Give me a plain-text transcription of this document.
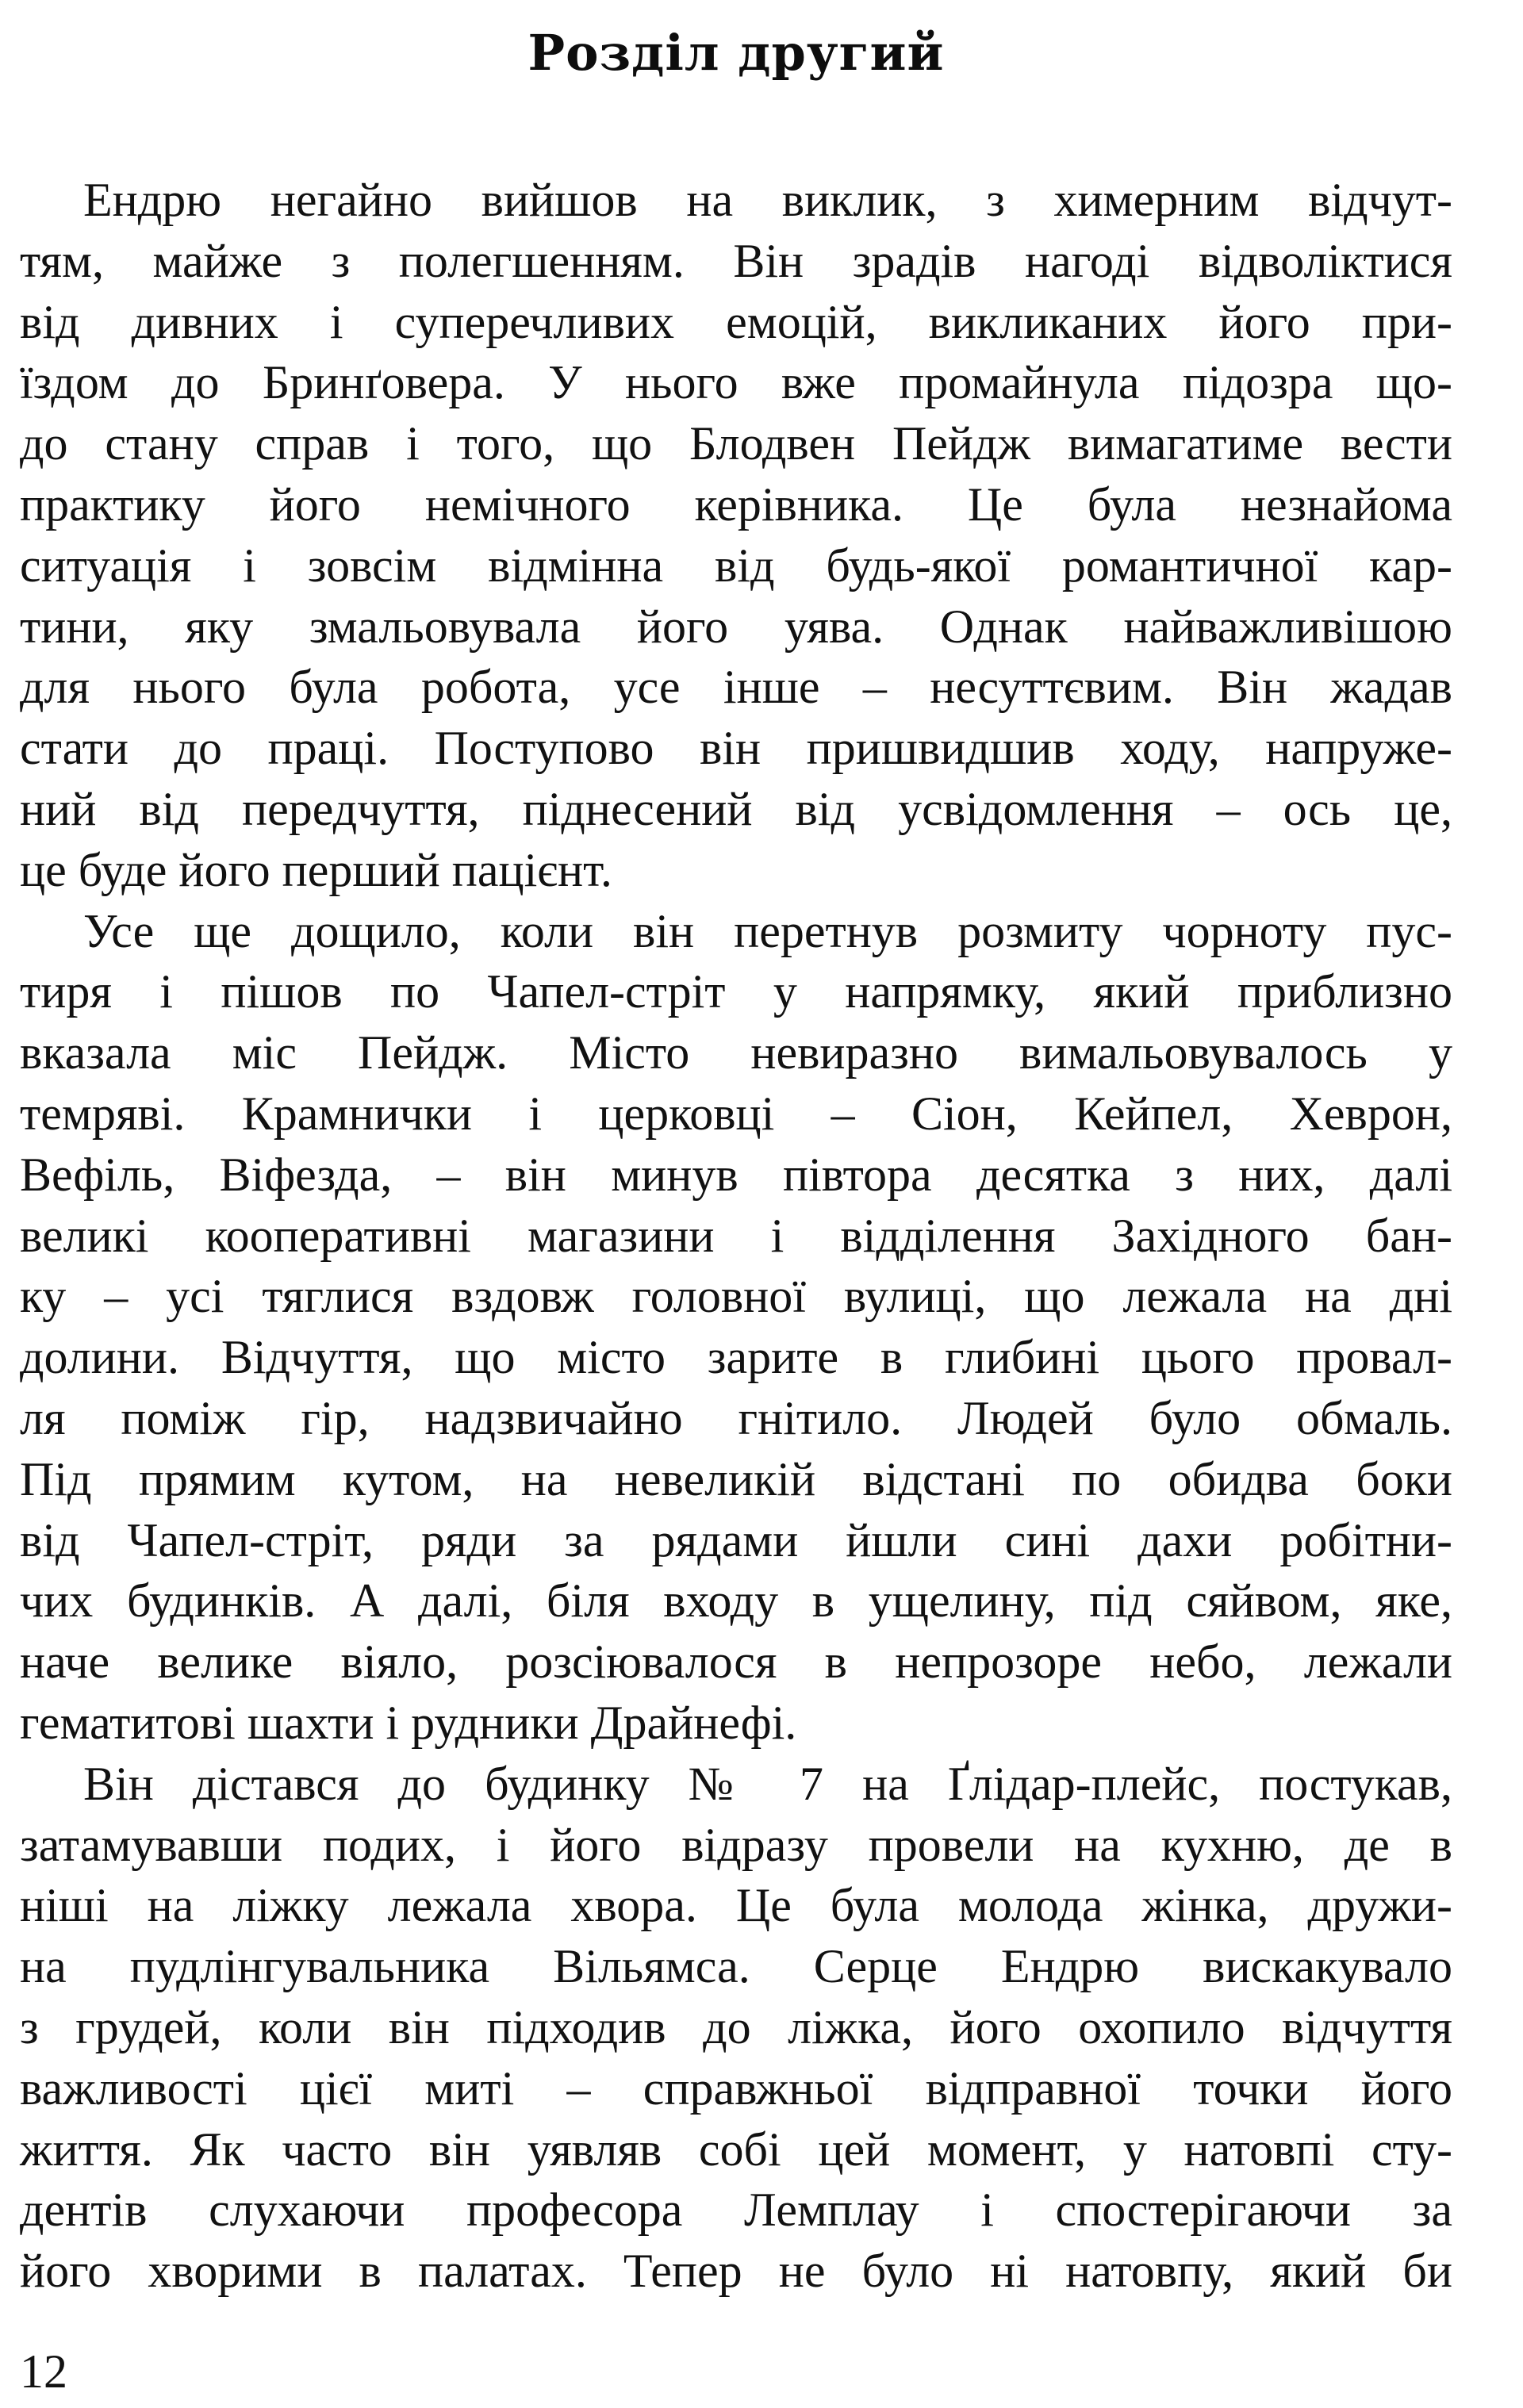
Розділ другий
Ендрю негайно вийшов на виклик, з химерним відчут-
тям, майже з полегшенням. Він зрадів нагоді відволіктися
від дивних і суперечливих емоцій, викликаних його при-
їздом до Бринґовера. У нього вже промайнула підозра що-
до стану справ і того, що Блодвен Пейдж вимагатиме вести
практику його немічного керівника. Це була незнайома
ситуація і зовсім відмінна від будь-якої романтичної кар-
тини, яку змальовувала його уява. Однак найважливішою
для нього була робота, усе інше – несуттєвим. Він жадав
стати до праці. Поступово він пришвидшив ходу, напруже-
ний від передчуття, піднесений від усвідомлення – ось це,
це буде його перший пацієнт.
Усе ще дощило, коли він перетнув розмиту чорноту пус-
тиря і пішов по Чапел-стріт у напрямку, який приблизно
вказала міс Пейдж. Місто невиразно вимальовувалось у
темряві. Крамнички і церковці – Сіон, Кейпел, Хеврон,
Вефіль, Віфезда, – він минув півтора десятка з них, далі
великі кооперативні магазини і відділення Західного бан-
ку – усі тяглися вздовж головної вулиці, що лежала на дні
долини. Відчуття, що місто зарите в глибині цього провал-
ля поміж гір, надзвичайно гнітило. Людей було обмаль.
Під прямим кутом, на невеликій відстані по обидва боки
від Чапел-стріт, ряди за рядами йшли сині дахи робітни-
чих будинків. А далі, біля входу в ущелину, під сяйвом, яке,
наче велике віяло, розсіювалося в непрозоре небо, лежали
гематитові шахти і рудники Драйнефі.
Він дістався до будинку № 7 на Ґлідар-плейс, постукав,
затамувавши подих, і його відразу провели на кухню, де в
ніші на ліжку лежала хвора. Це була молода жінка, дружи-
на пудлінгувальника Вільямса. Серце Ендрю вискакувало
з грудей, коли він підходив до ліжка, його охопило відчуття
важливості цієї миті – справжньої відправної точки його
життя. Як часто він уявляв собі цей момент, у натовпі сту-
дентів слухаючи професора Лемплау і спостерігаючи за
його хворими в палатах. Тепер не було ні натовпу, який би
12
